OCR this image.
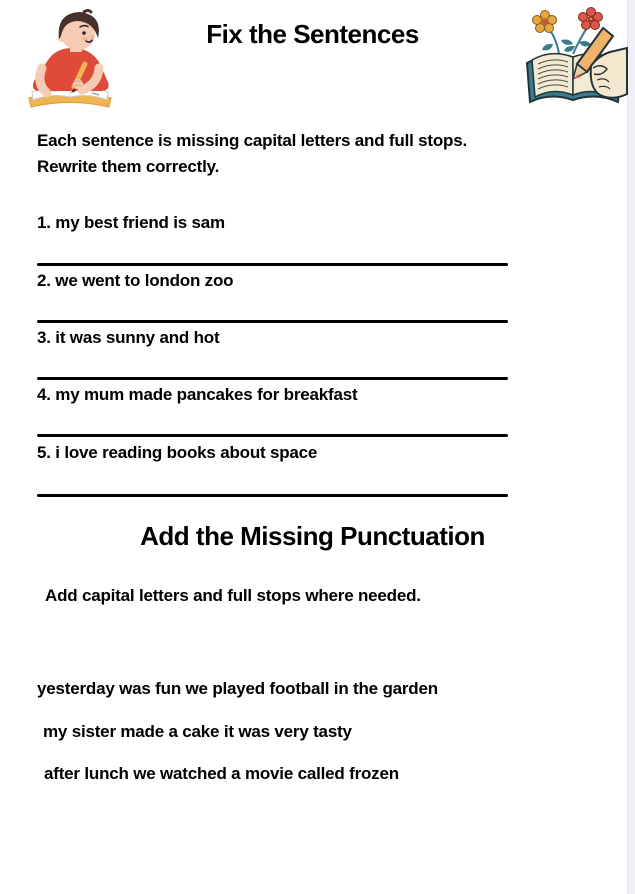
Fix the Sentences
Each sentence is missing capital letters and full stops.
Rewrite them correctly.
1. my best friend is sam
2. we went to london zoo
3. it was sunny and hot
4. my mum made pancakes for breakfast
5. i love reading books about space
Add the Missing Punctuation
Add capital letters and full stops where needed.
yesterday was fun we played football in the garden
my sister made a cake it was very tasty
after lunch we watched a movie called frozen
